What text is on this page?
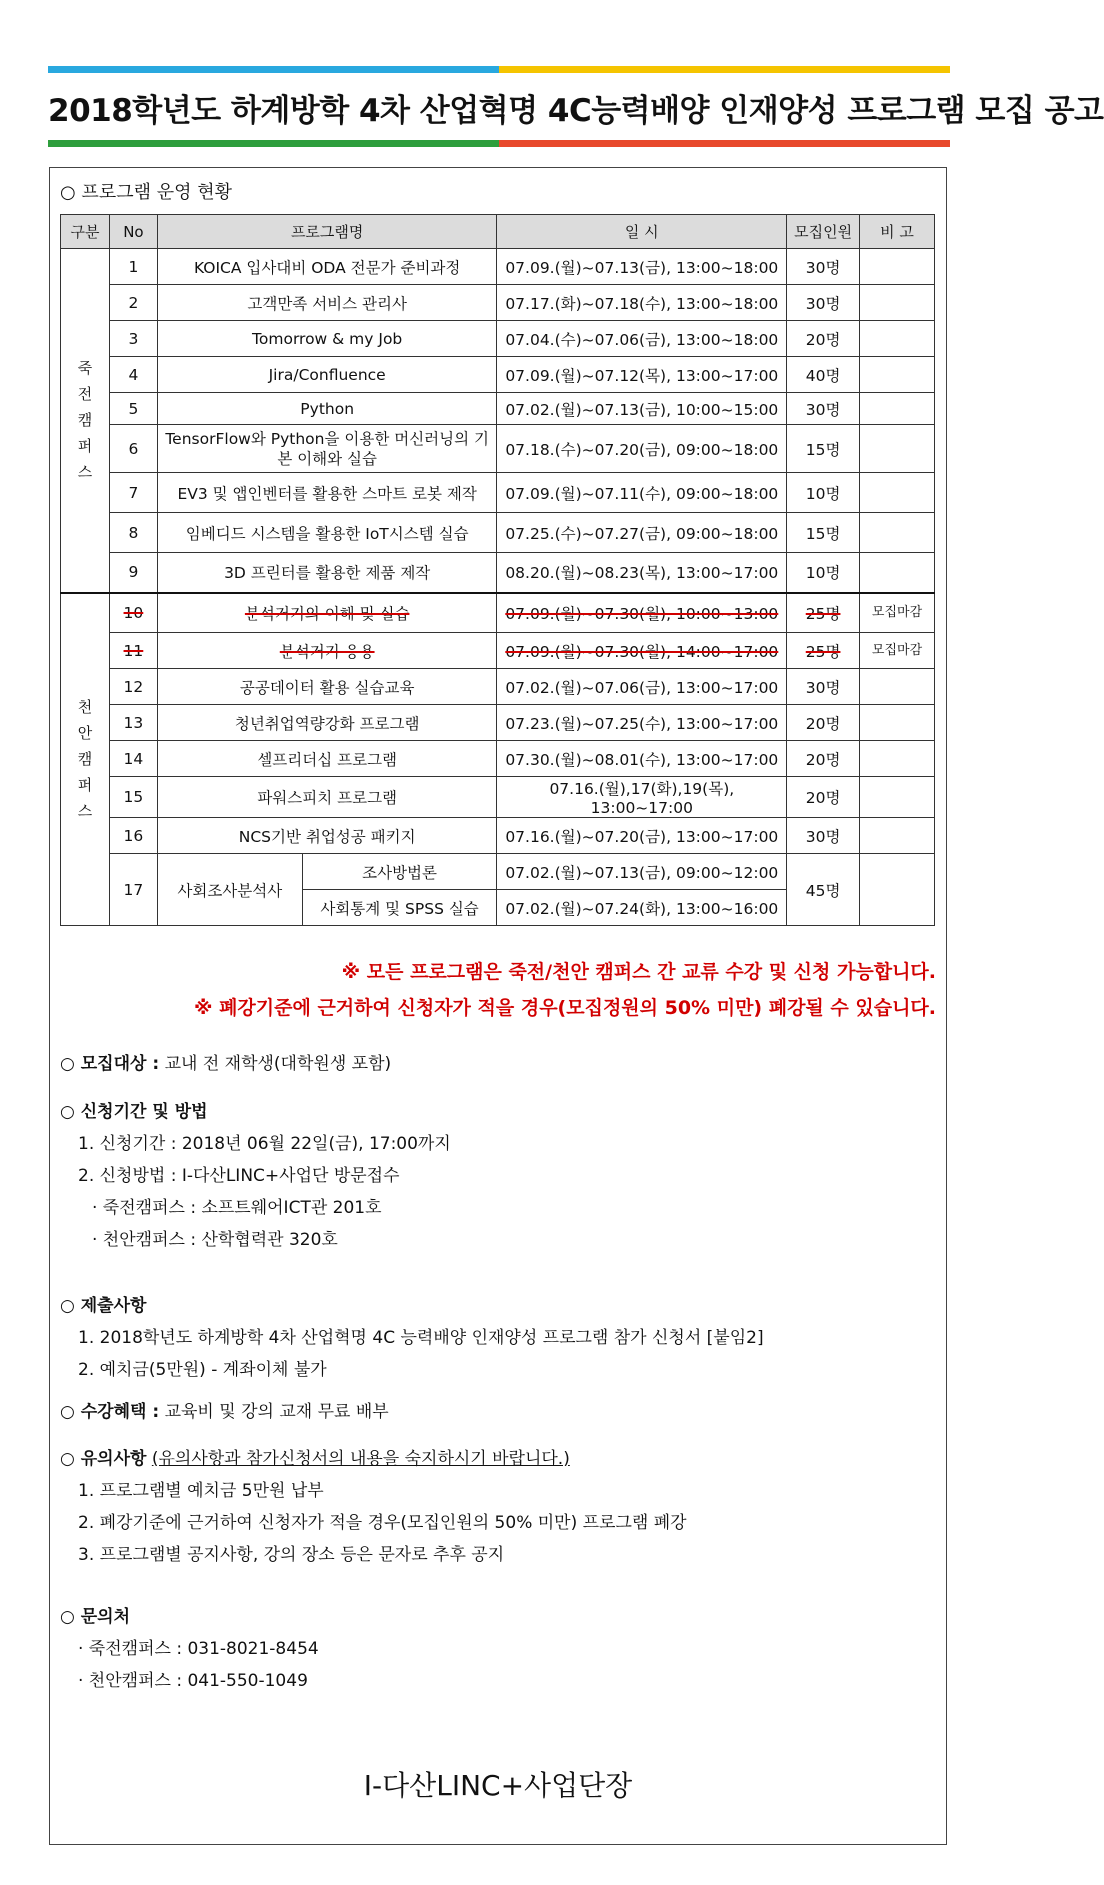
2018학년도 하계방학 4차 산업혁명 4C능력배양 인재양성 프로그램 모집 공고

○ 프로그램 운영 현황

구분	No	프로그램명		일 시	모집인원	비 고
죽
전
캠
퍼
스	1	KOICA 입사대비 ODA 전문가 준비과정		07.09.(월)~07.13(금), 13:00~18:00	30명	
	2	고객만족 서비스 관리사		07.17.(화)~07.18(수), 13:00~18:00	30명	
	3	Tomorrow & my Job		07.04.(수)~07.06(금), 13:00~18:00	20명	
	4	Jira/Confluence		07.09.(월)~07.12(목), 13:00~17:00	40명	
	5	Python		07.02.(월)~07.13(금), 10:00~15:00	30명	
	6	TensorFlow와 Python을 이용한 머신러닝의 기본 이해와 실습		07.18.(수)~07.20(금), 09:00~18:00	15명	
	7	EV3 및 앱인벤터를 활용한 스마트 로봇 제작		07.09.(월)~07.11(수), 09:00~18:00	10명	
	8	임베디드 시스템을 활용한 IoT시스템 실습		07.25.(수)~07.27(금), 09:00~18:00	15명	
	9	3D 프린터를 활용한 제품 제작		08.20.(월)~08.23(목), 13:00~17:00	10명	
천
안
캠
퍼
스	10	분석거기의 이해 및 실습		07.09.(월)~07.30(월), 10:00~13:00	25명	모집마감
	11	분석거기 응용		07.09.(월)~07.30(월), 14:00~17:00	25명	모집마감
	12	공공데이터 활용 실습교육		07.02.(월)~07.06(금), 13:00~17:00	30명	
	13	청년취업역량강화 프로그램		07.23.(월)~07.25(수), 13:00~17:00	20명	
	14	셀프리더십 프로그램		07.30.(월)~08.01(수), 13:00~17:00	20명	
	15	파워스피치 프로그램		07.16.(월),17(화),19(목), 13:00~17:00	20명	
	16	NCS기반 취업성공 패키지		07.16.(월)~07.20(금), 13:00~17:00	30명	
	17	사회조사분석사	조사방법론	07.02.(월)~07.13(금), 09:00~12:00	45명	
			사회통계 및 SPSS 실습	07.02.(월)~07.24(화), 13:00~16:00		
※ 모든 프로그램은 죽전/천안 캠퍼스 간 교류 수강 및 신청 가능합니다.
※ 폐강기준에 근거하여 신청자가 적을 경우(모집정원의 50% 미만) 폐강될 수 있습니다.
○ 모집대상 : 교내 전 재학생(대학원생 포함)
○ 신청기간 및 방법
1. 신청기간 : 2018년 06월 22일(금), 17:00까지
2. 신청방법 : I-다산LINC+사업단 방문접수
· 죽전캠퍼스 : 소프트웨어ICT관 201호
· 천안캠퍼스 : 산학협력관 320호
○ 제출사항
1. 2018학년도 하계방학 4차 산업혁명 4C 능력배양 인재양성 프로그램 참가 신청서 [붙임2]
2. 예치금(5만원) - 계좌이체 불가
○ 수강혜택 : 교육비 및 강의 교재 무료 배부
○ 유의사항 (유의사항과 참가신청서의 내용을 숙지하시기 바랍니다.)
1. 프로그램별 예치금 5만원 납부
2. 폐강기준에 근거하여 신청자가 적을 경우(모집인원의 50% 미만) 프로그램 폐강
3. 프로그램별 공지사항, 강의 장소 등은 문자로 추후 공지
○ 문의처
· 죽전캠퍼스 : 031-8021-8454
· 천안캠퍼스 : 041-550-1049
I-다산LINC+사업단장
